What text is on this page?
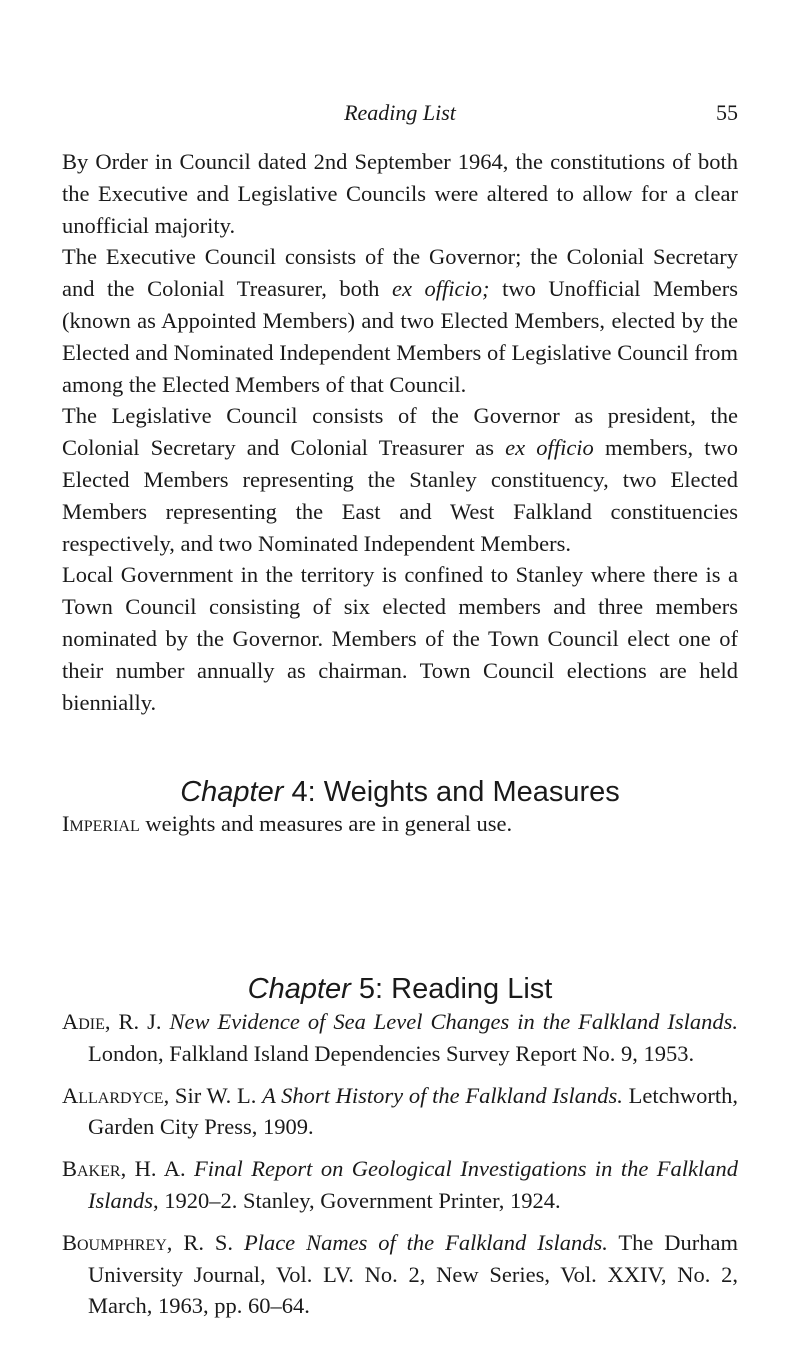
Reading List	55

By Order in Council dated 2nd September 1964, the constitutions of both the Executive and Legislative Councils were altered to allow for a clear unofficial majority.

The Executive Council consists of the Governor; the Colonial Secretary and the Colonial Treasurer, both ex officio; two Unofficial Members (known as Appointed Members) and two Elected Members, elected by the Elected and Nominated Independent Members of Legislative Council from among the Elected Members of that Council.

The Legislative Council consists of the Governor as president, the Colonial Secretary and Colonial Treasurer as ex officio members, two Elected Members representing the Stanley constituency, two Elected Members representing the East and West Falkland constituencies respectively, and two Nominated Independent Members.

Local Government in the territory is confined to Stanley where there is a Town Council consisting of six elected members and three members nominated by the Governor. Members of the Town Council elect one of their number annually as chairman. Town Council elections are held biennially.

Chapter 4: Weights and Measures
Imperial weights and measures are in general use.
Chapter 5: Reading List

Adie, R. J. New Evidence of Sea Level Changes in the Falkland Islands. London, Falkland Island Dependencies Survey Report No. 9, 1953.

Allardyce, Sir W. L. A Short History of the Falkland Islands. Letchworth, Garden City Press, 1909.

Baker, H. A. Final Report on Geological Investigations in the Falkland Islands, 1920–2. Stanley, Government Printer, 1924.

Boumphrey, R. S. Place Names of the Falkland Islands. The Durham University Journal, Vol. LV. No. 2, New Series, Vol. XXIV, No. 2, March, 1963, pp. 60–64.
